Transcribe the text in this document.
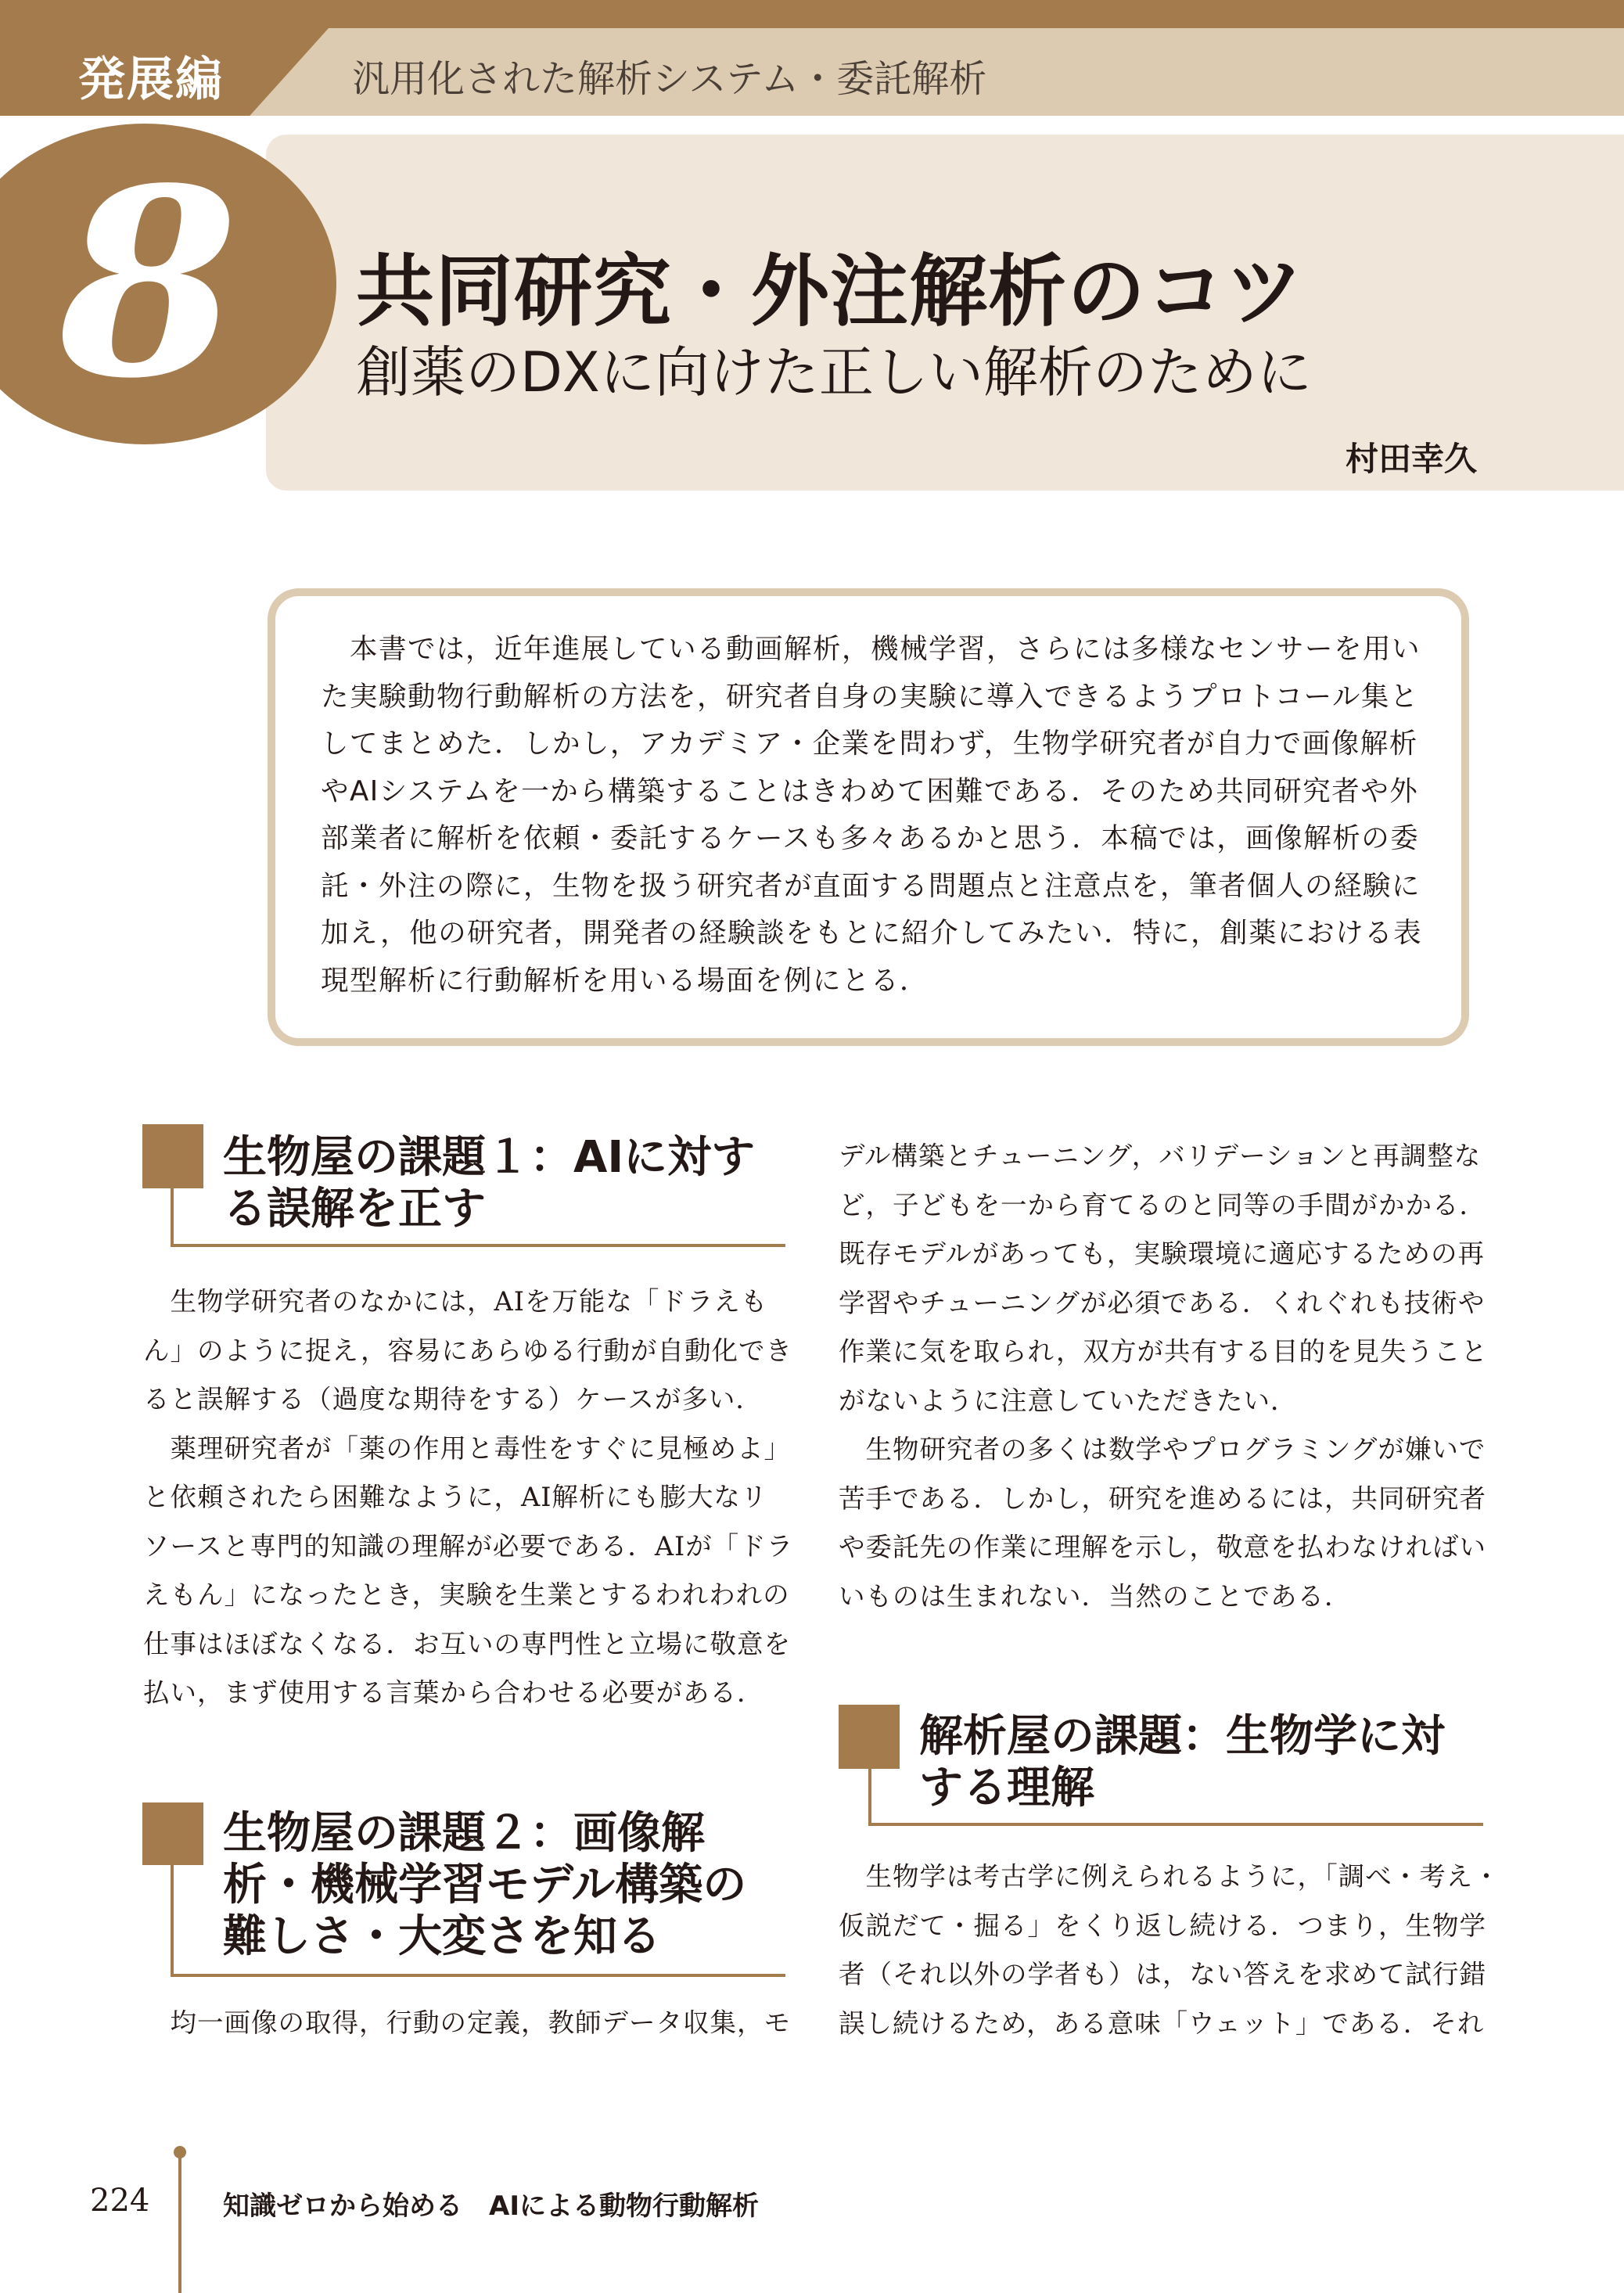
発展編	汎用化された解析システム・委託解析
8 共同研究・外注解析のコツ
創薬のDXに向けた正しい解析のために
村田幸久
　本書では，近年進展している動画解析，機械学習，さらには多様なセンサーを用い
た実験動物行動解析の方法を，研究者自身の実験に導入できるようプロトコール集と
してまとめた．しかし，アカデミア・企業を問わず，生物学研究者が自力で画像解析
やAIシステムを一から構築することはきわめて困難である．そのため共同研究者や外
部業者に解析を依頼・委託するケースも多々あるかと思う．本稿では，画像解析の委
託・外注の際に，生物を扱う研究者が直面する問題点と注意点を，筆者個人の経験に
加え，他の研究者，開発者の経験談をもとに紹介してみたい．特に，創薬における表
現型解析に行動解析を用いる場面を例にとる．
生物屋の課題１：AIに対す
る誤解を正す
　生物学研究者のなかには，AIを万能な「ドラえも
ん」のように捉え，容易にあらゆる行動が自動化でき
ると誤解する（過度な期待をする）ケースが多い．
　薬理研究者が「薬の作用と毒性をすぐに見極めよ」
と依頼されたら困難なように，AI解析にも膨大なリ
ソースと専門的知識の理解が必要である．AIが「ドラ
えもん」になったとき，実験を生業とするわれわれの
仕事はほぼなくなる．お互いの専門性と立場に敬意を
払い，まず使用する言葉から合わせる必要がある．
生物屋の課題２：画像解
析・機械学習モデル構築の
難しさ・大変さを知る
　均一画像の取得，行動の定義，教師データ収集，モ
デル構築とチューニング，バリデーションと再調整な
ど，子どもを一から育てるのと同等の手間がかかる．
既存モデルがあっても，実験環境に適応するための再
学習やチューニングが必須である．くれぐれも技術や
作業に気を取られ，双方が共有する目的を見失うこと
がないように注意していただきたい．
　生物研究者の多くは数学やプログラミングが嫌いで
苦手である．しかし，研究を進めるには，共同研究者
や委託先の作業に理解を示し，敬意を払わなければい
いものは生まれない．当然のことである．
解析屋の課題：生物学に対
する理解
　生物学は考古学に例えられるように，「調べ・考え・
仮説だて・掘る」をくり返し続ける．つまり，生物学
者（それ以外の学者も）は，ない答えを求めて試行錯
誤し続けるため，ある意味「ウェット」である．それ
224	知識ゼロから始める　AIによる動物行動解析
